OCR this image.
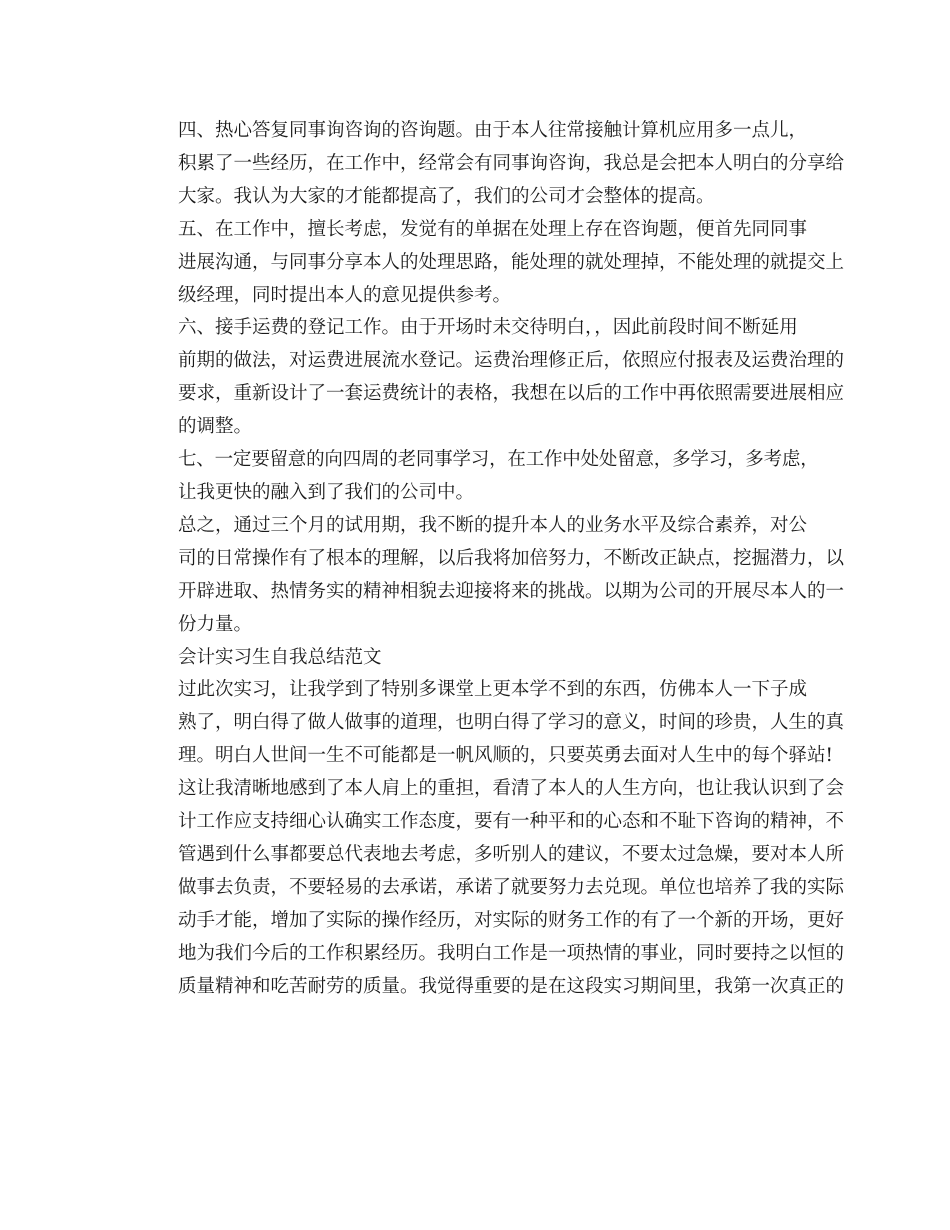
四、热心答复同事询咨询的咨询题。由于本人往常接触计算机应用多一点儿，
积累了一些经历，在工作中，经常会有同事询咨询，我总是会把本人明白的分享给
大家。我认为大家的才能都提高了，我们的公司才会整体的提高。

五、在工作中，擅长考虑，发觉有的单据在处理上存在咨询题，便首先同同事
进展沟通，与同事分享本人的处理思路，能处理的就处理掉，不能处理的就提交上
级经理，同时提出本人的意见提供参考。

六、接手运费的登记工作。由于开场时未交待明白，，因此前段时间不断延用
前期的做法，对运费进展流水登记。运费治理修正后，依照应付报表及运费治理的
要求，重新设计了一套运费统计的表格，我想在以后的工作中再依照需要进展相应
的调整。

七、一定要留意的向四周的老同事学习，在工作中处处留意，多学习，多考虑，
让我更快的融入到了我们的公司中。

总之，通过三个月的试用期，我不断的提升本人的业务水平及综合素养，对公
司的日常操作有了根本的理解，以后我将加倍努力，不断改正缺点，挖掘潜力，以
开辟进取、热情务实的精神相貌去迎接将来的挑战。以期为公司的开展尽本人的一
份力量。

会计实习生自我总结范文

过此次实习，让我学到了特别多课堂上更本学不到的东西，仿佛本人一下子成
熟了，明白得了做人做事的道理，也明白得了学习的意义，时间的珍贵，人生的真
理。明白人世间一生不可能都是一帆风顺的，只要英勇去面对人生中的每个驿站!
这让我清晰地感到了本人肩上的重担，看清了本人的人生方向，也让我认识到了会
计工作应支持细心认确实工作态度，要有一种平和的心态和不耻下咨询的精神，不
管遇到什么事都要总代表地去考虑，多听别人的建议，不要太过急燥，要对本人所
做事去负责，不要轻易的去承诺，承诺了就要努力去兑现。单位也培养了我的实际
动手才能，增加了实际的操作经历，对实际的财务工作的有了一个新的开场，更好
地为我们今后的工作积累经历。我明白工作是一项热情的事业，同时要持之以恒的
质量精神和吃苦耐劳的质量。我觉得重要的是在这段实习期间里，我第一次真正的
